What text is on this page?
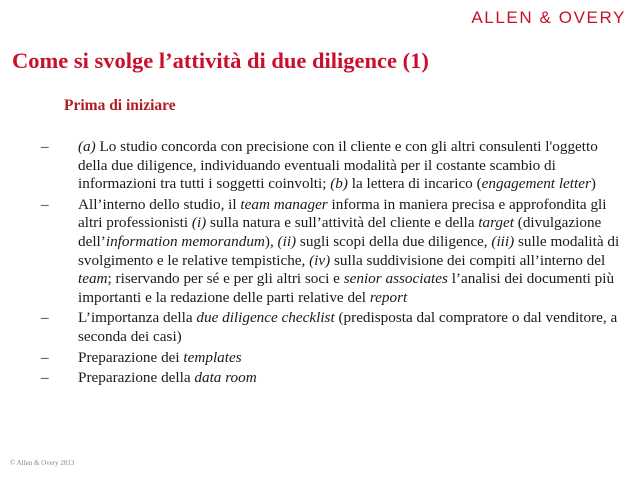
ALLEN & OVERY
Come si svolge l’attività di due diligence (1)
Prima di iniziare
– (a) Lo studio concorda con precisione con il cliente e con gli altri consulenti l'oggetto della due diligence, individuando eventuali modalità per il costante scambio di informazioni tra tutti i soggetti coinvolti; (b) la lettera di incarico (engagement letter)
– All’interno dello studio, il team manager informa in maniera precisa e approfondita gli altri professionisti (i) sulla natura e sull’attività del cliente e della target (divulgazione dell’information memorandum), (ii) sugli scopi della due diligence, (iii) sulle modalità di svolgimento e le relative tempistiche, (iv) sulla suddivisione dei compiti all’interno del team; riservando per sé e per gli altri soci e senior associates l’analisi dei documenti più importanti e la redazione delle parti relative del report
– L’importanza della due diligence checklist (predisposta dal compratore o dal venditore, a seconda dei casi)
– Preparazione dei templates
– Preparazione della data room
© Allen & Overy 2013
